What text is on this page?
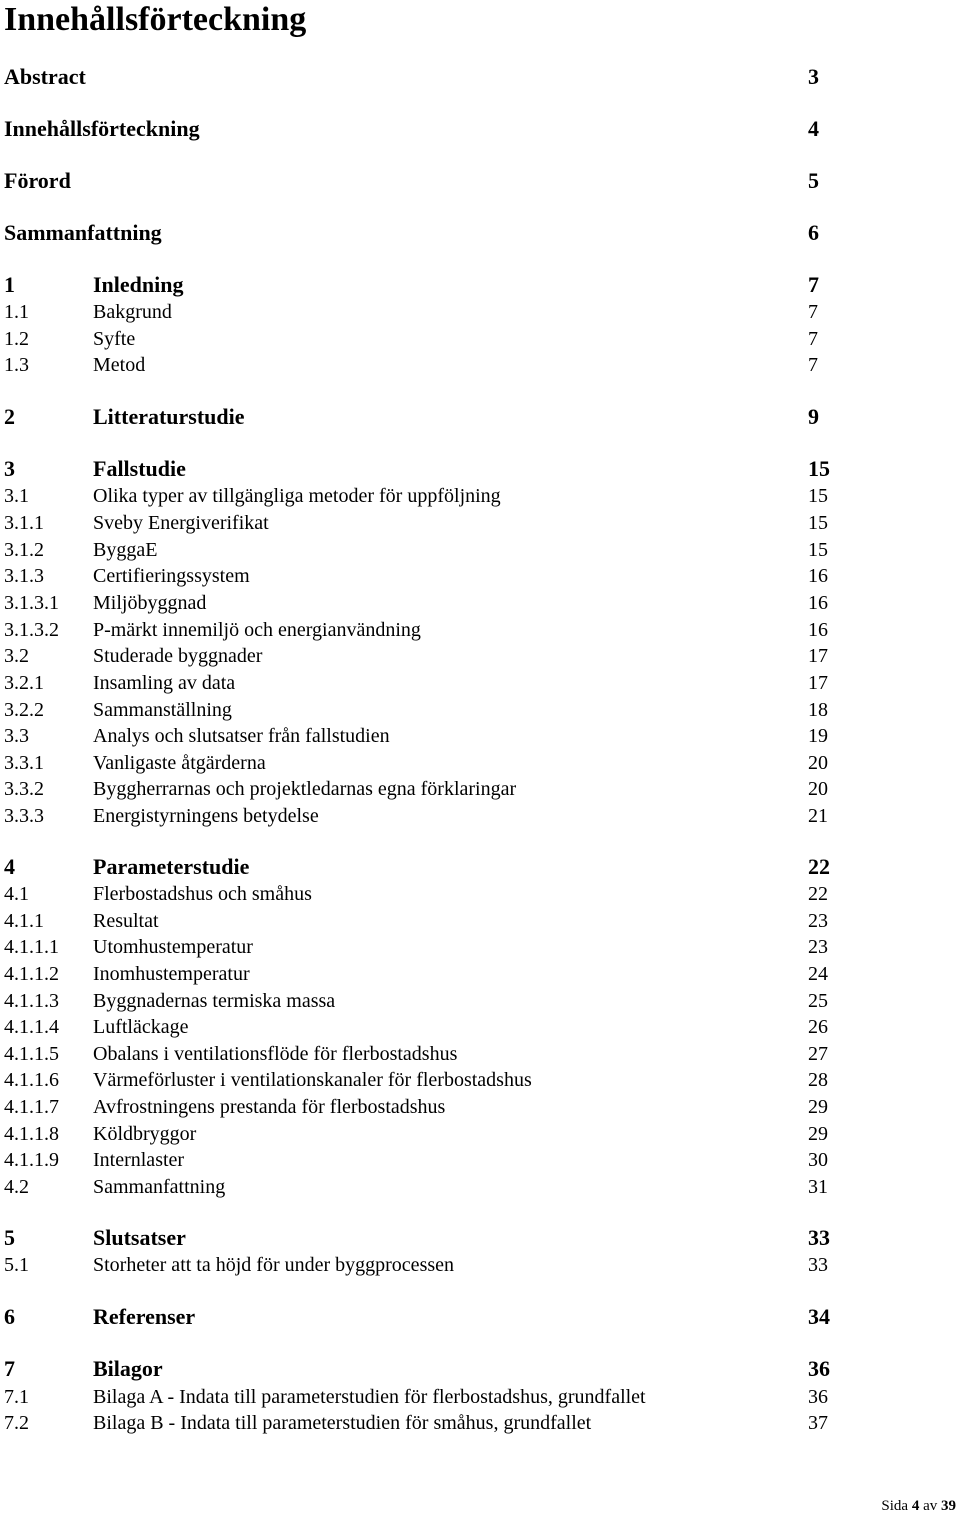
Innehållsförteckning
Abstract	3
Innehållsförteckning	4
Förord	5
Sammanfattning	6
1	Inledning	7
1.1	Bakgrund	7
1.2	Syfte	7
1.3	Metod	7
2	Litteraturstudie	9
3	Fallstudie	15
3.1	Olika typer av tillgängliga metoder för uppföljning	15
3.1.1 Sveby Energiverifikat	15
3.1.2 ByggaE	15
3.1.3 Certifieringssystem	16
3.1.3.1 Miljöbyggnad	16
3.1.3.2 P-märkt innemiljö och energianvändning	16
3.2	Studerade byggnader	17
3.2.1 Insamling av data	17
3.2.2 Sammanställning	18
3.3	Analys och slutsatser från fallstudien	19
3.3.1 Vanligaste åtgärderna	20
3.3.2 Byggherrarnas och projektledarnas egna förklaringar	20
3.3.3 Energistyrningens betydelse	21
4	Parameterstudie	22
4.1	Flerbostadshus och småhus	22
4.1.1 Resultat	23
4.1.1.1 Utomhustemperatur	23
4.1.1.2 Inomhustemperatur	24
4.1.1.3 Byggnadernas termiska massa	25
4.1.1.4 Luftläckage	26
4.1.1.5 Obalans i ventilationsflöde för flerbostadshus	27
4.1.1.6 Värmeförluster i ventilationskanaler för flerbostadshus	28
4.1.1.7 Avfrostningens prestanda för flerbostadshus	29
4.1.1.8 Köldbryggor	29
4.1.1.9 Internlaster	30
4.2	Sammanfattning	31
5	Slutsatser	33
5.1	Storheter att ta höjd för under byggprocessen	33
6	Referenser	34
7	Bilagor	36
7.1	Bilaga A - Indata till parameterstudien för flerbostadshus, grundfallet	36
7.2	Bilaga B - Indata till parameterstudien för småhus, grundfallet	37
Sida 4 av 39
